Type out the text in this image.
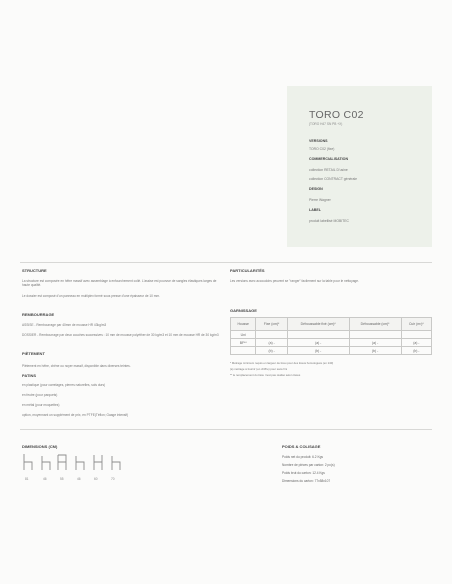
TORO C02
(TORO H47 SN PB +X)
VERSIONS
TORO C02 (fixe)
COMMERCIALISATION
collection RETAIL D'usine
collection CONTRACT générale
DESIGN
Pierre Wagner
LABEL
produit labellisé MOBITEC
STRUCTURE
La structure est composée en hêtre massif avec assemblage à enfourchement collé. L'assise est pourvue de sangles élastiques larges de haute qualité.
Le dossier est composé d'un panneau en multiplex formé sous presse d'une épaisseur de 10 mm.
REMBOURRAGE
ASSISE - Rembourrage par 40mm de mousse HR 43kg/m3
DOSSIER - Rembourrage par deux couches successives : 10 mm de mousse polyéther de 30 kg/m3 et 10 mm de mousse HR de 30 kg/m3
PIÈTEMENT
Piètement en hêtre, chêne ou noyer massif, disponible dans diverses teintes.
PATINS
en plastique (pour carrelages, pierres naturelles, sols durs)
en feutre (pour parquets)
en métal (pour moquettes)
option, moyennant un supplément de prix, en PTFE(Téflon; Gaage intensif)
PARTICULARITÉS
Les versions avec accoudoirs peuvent se "ranger" facilement sur la table pour le nettoyage.
GARNISSAGE
Housse	Fixe (cm)*	Déhoussable fixé (cm)*	Déhoussable (cm)*	Cuir (m²)*
Uni				
BF**	(a) -	(a) -	(a) -	(a) -
	(b) -	(b) -	(b) -	(b) -
* Métrage minimum requis en largeur de tissu pour des tissus homologués (en 140)
(a) métrage à fournir (en chiffre) pour sans fini
** le remplacement du tissu n'est pas réalisé selon tissus
DIMENSIONS (CM)
81	46	55	46	60	70
POIDS & COLISAGE
Poids net du produit: 6.2 Kgs
Nombre de pièces par carton: 2 pc(s)
Poids brut du carton: 12.4 Kgs
Dimensions du carton: 77x58x107
